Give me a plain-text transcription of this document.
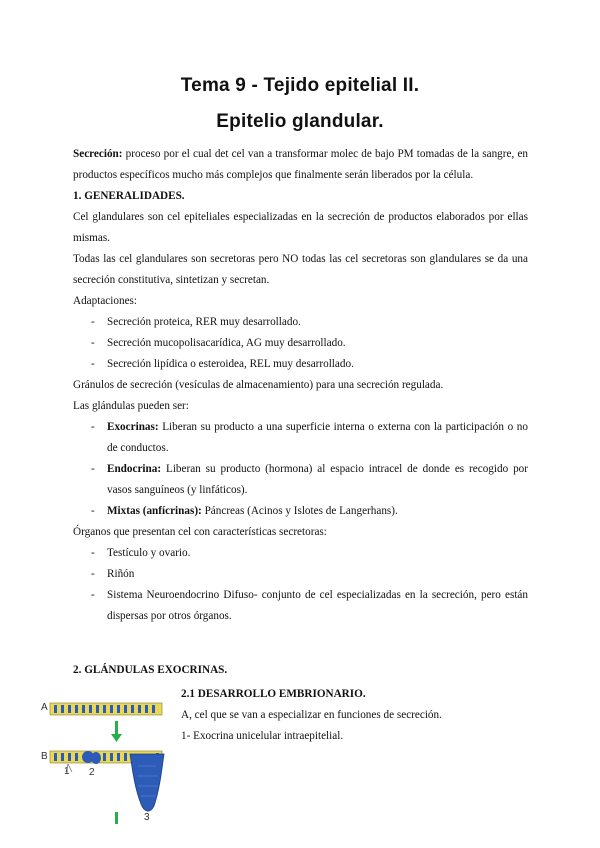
Tema 9 - Tejido epitelial II.
Epitelio glandular.

Secreción: proceso por el cual det cel van a transformar molec de bajo PM tomadas de la sangre, en productos específicos mucho más complejos que finalmente serán liberados por la célula.

1. GENERALIDADES.

Cel glandulares son cel epiteliales especializadas en la secreción de productos elaborados por ellas mismas.

Todas las cel glandulares son secretoras pero NO todas las cel secretoras son glandulares se da una secreción constitutiva, sintetizan y secretan.

Adaptaciones:

- Secreción proteica, RER muy desarrollado.
- Secreción mucopolisacarídica, AG muy desarrollado.
- Secreción lipídica o esteroidea, REL muy desarrollado.

Gránulos de secreción (vesículas de almacenamiento) para una secreción regulada.

Las glándulas pueden ser:

- Exocrinas: Liberan su producto a una superficie interna o externa con la participación o no de conductos.
- Endocrina: Liberan su producto (hormona) al espacio intracel de donde es recogido por vasos sanguíneos (y linfáticos).
- Mixtas (anfícrinas): Páncreas (Acinos y Islotes de Langerhans).

Órganos que presentan cel con características secretoras:

- Testículo y ovario.
- Riñón
- Sistema Neuroendocrino Difuso- conjunto de cel especializadas en la secreción, pero están dispersas por otros órganos.
2. GLÁNDULAS EXOCRINAS.

2.1 DESARROLLO EMBRIONARIO.

A, cel que se van a especializar en funciones de secreción.

1- Exocrina unicelular intraepitelial.

A
B
1 2
3
